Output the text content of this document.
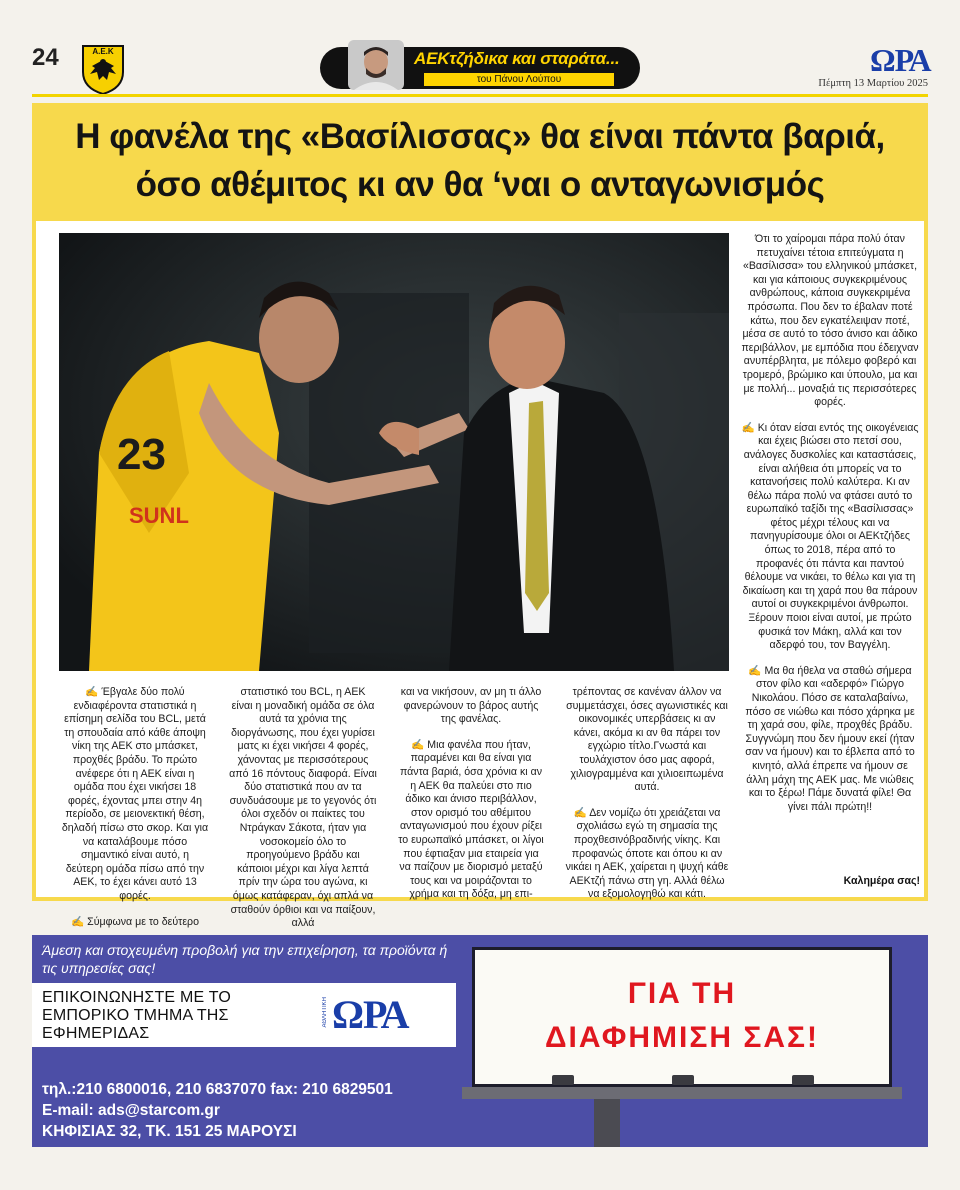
24	Α.Ε.Κ	ΑΕΚτζήδικα και σταράτα...
του Πάνου Λούπου
ΩΡΑ
Πέμπτη 13 Μαρτίου 2025
Η φανέλα της «Βασίλισσας» θα είναι πάντα βαριά,
όσο αθέμιτος κι αν θα ‘ναι ο ανταγωνισμός
23
SUNL

Ότι το χαίρομαι πάρα πολύ όταν πετυχαίνει τέτοια επιτεύγματα η «Βασίλισσα» του ελληνικού μπάσκετ, και για κάποιους συγκεκριμένους ανθρώπους, κάποια συγκεκριμένα πρόσωπα. Που δεν το έβαλαν ποτέ κάτω, που δεν εγκατέλειψαν ποτέ, μέσα σε αυτό το τόσο άνισο και άδικο περιβάλλον, με εμπόδια που έδειχναν ανυπέρβλητα, με πόλεμο φοβερό και τρομερό, βρώμικο και ύπουλο, μα και με πολλή... μοναξιά τις περισσότερες φορές.

✍ Κι όταν είσαι εντός της οικογένειας και έχεις βιώσει στο πετσί σου, ανάλογες δυσκολίες και καταστάσεις, είναι αλήθεια ότι μπορείς να το κατανοήσεις πολύ καλύτερα. Κι αν θέλω πάρα πολύ να φτάσει αυτό το ευρωπαϊκό ταξίδι της «Βασίλισσας» φέτος μέχρι τέλους και να πανηγυρίσουμε όλοι οι ΑΕΚτζήδες όπως το 2018, πέρα από το προφανές ότι πάντα και παντού θέλουμε να νικάει, το θέλω και για τη δικαίωση και τη χαρά που θα πάρουν αυτοί οι συγκεκριμένοι άνθρωποι. Ξέρουν ποιοι είναι αυτοί, με πρώτο φυσικά τον Μάκη, αλλά και τον αδερφό του, τον Βαγγέλη.

✍ Μα θα ήθελα να σταθώ σήμερα στον φίλο και «αδερφό» Γιώργο Νικολάου. Πόσο σε καταλαβαίνω, πόσο σε νιώθω και πόσο χάρηκα με τη χαρά σου, φίλε, προχθές βράδυ. Συγγνώμη που δεν ήμουν εκεί (ήταν σαν να ήμουν) και το έβλεπα από το κινητό, αλλά έπρεπε να ήμουν σε άλλη μάχη της ΑΕΚ μας. Με νιώθεις και το ξέρω! Πάμε δυνατά φίλε! Θα γίνει πάλι πρώτη!!

✍ Έβγαλε δύο πολύ ενδιαφέροντα στατιστικά η επίσημη σελίδα του BCL, μετά τη σπουδαία από κάθε άποψη νίκη της ΑΕΚ στο μπάσκετ, προχθές βράδυ. Το πρώτο ανέφερε ότι η ΑΕΚ είναι η ομάδα που έχει νικήσει 18 φορές, έχοντας μπει στην 4η περίοδο, σε μειονεκτική θέση, δηλαδή πίσω στο σκορ. Και για να καταλάβουμε πόσο σημαντικό είναι αυτό, η δεύτερη ομάδα πίσω από την ΑΕΚ, το έχει κάνει αυτό 13 φορές.

✍ Σύμφωνα με το δεύτερο

στατιστικό του BCL, η ΑΕΚ είναι η μοναδική ομάδα σε όλα αυτά τα χρόνια της διοργάνωσης, που έχει γυρίσει ματς κι έχει νικήσει 4 φορές, χάνοντας με περισσότερους από 16 πόντους διαφορά. Είναι δύο στατιστικά που αν τα συνδυάσουμε με το γεγονός ότι όλοι σχεδόν οι παίκτες του Ντράγκαν Σάκοτα, ήταν για νοσοκομείο όλο το προηγούμενο βράδυ και κάποιοι μέχρι και λίγα λεπτά πρίν την ώρα του αγώνα, κι όμως κατάφεραν, όχι απλά να σταθούν όρθιοι και να παίξουν, αλλά

και να νικήσουν, αν μη τι άλλο φανερώνουν το βάρος αυτής της φανέλας.

✍ Μια φανέλα που ήταν, παραμένει και θα είναι για πάντα βαριά, όσα χρόνια κι αν η ΑΕΚ θα παλεύει στο πιο άδικο και άνισο περιβάλλον, στον ορισμό του αθέμιτου ανταγωνισμού που έχουν ρίξει το ευρωπαϊκό μπάσκετ, οι λίγοι που έφτιαξαν μια εταιρεία για να παίζουν με διορισμό μεταξύ τους και να μοιράζονται το χρήμα και τη δόξα, μη επι-

τρέποντας σε κανέναν άλλον να συμμετάσχει, όσες αγωνιστικές και οικονομικές υπερβάσεις κι αν κάνει, ακόμα κι αν θα πάρει τον εγχώριο τίτλο.Γνωστά και τουλάχιστον όσο μας αφορά, χιλιογραμμένα και χιλιοειπωμένα αυτά.

✍ Δεν νομίζω ότι χρειάζεται να σχολιάσω εγώ τη σημασία της προχθεσινόβραδινής νίκης. Και προφανώς όποτε και όπου κι αν νικάει η ΑΕΚ, χαίρεται η ψυχή κάθε ΑΕΚτζή πάνω στη γη. Αλλά θέλω να εξομολογηθώ και κάτι.

Καλημέρα σας!
Άμεση και στοχευμένη προβολή για την επιχείρηση, τα προϊόντα ή τις υπηρεσίες σας!
ΕΠΙΚΟΙΝΩΝΗΣΤΕ ΜΕ ΤΟ ΕΜΠΟΡΙΚΟ ΤΜΗΜΑ ΤΗΣ ΕΦΗΜΕΡΙΔΑΣ
ΑΘΛΗΤΙΚΗ ΩΡΑ
τηλ.:210 6800016, 210 6837070 fax: 210 6829501
E-mail: ads@starcom.gr
ΚΗΦΙΣΙΑΣ 32, ΤΚ. 151 25 ΜΑΡΟΥΣΙ
ΓΙΑ ΤΗ
ΔΙΑΦΗΜΙΣΗ ΣΑΣ!
